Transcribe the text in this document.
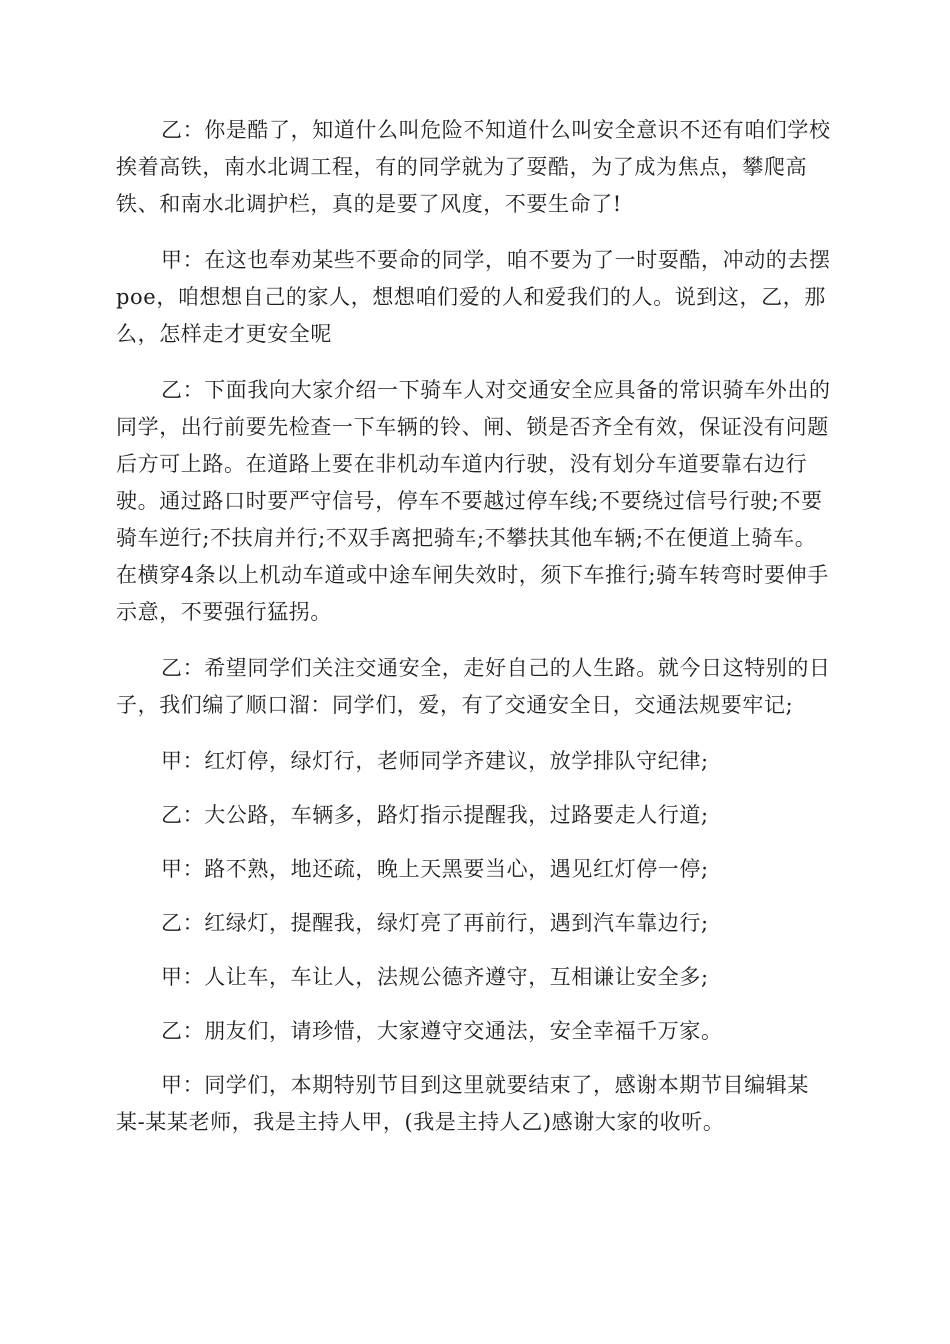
乙：你是酷了，知道什么叫危险不知道什么叫安全意识不还有咱们学校挨着高铁，南水北调工程，有的同学就为了耍酷，为了成为焦点，攀爬高铁、和南水北调护栏，真的是要了风度，不要生命了!

甲：在这也奉劝某些不要命的同学，咱不要为了一时耍酷，冲动的去摆poe，咱想想自己的家人，想想咱们爱的人和爱我们的人。说到这，乙，那么，怎样走才更安全呢

乙：下面我向大家介绍一下骑车人对交通安全应具备的常识骑车外出的同学，出行前要先检查一下车辆的铃、闸、锁是否齐全有效，保证没有问题后方可上路。在道路上要在非机动车道内行驶，没有划分车道要靠右边行驶。通过路口时要严守信号，停车不要越过停车线;不要绕过信号行驶;不要骑车逆行;不扶肩并行;不双手离把骑车;不攀扶其他车辆;不在便道上骑车。在横穿4条以上机动车道或中途车闸失效时，须下车推行;骑车转弯时要伸手示意，不要强行猛拐。

乙：希望同学们关注交通安全，走好自己的人生路。就今日这特别的日子，我们编了顺口溜：同学们，爱，有了交通安全日，交通法规要牢记;

甲：红灯停，绿灯行，老师同学齐建议，放学排队守纪律;

乙：大公路，车辆多，路灯指示提醒我，过路要走人行道;

甲：路不熟，地还疏，晚上天黑要当心，遇见红灯停一停;

乙：红绿灯，提醒我，绿灯亮了再前行，遇到汽车靠边行;

甲：人让车，车让人，法规公德齐遵守，互相谦让安全多;

乙：朋友们，请珍惜，大家遵守交通法，安全幸福千万家。

甲：同学们，本期特别节目到这里就要结束了，感谢本期节目编辑某某-某某老师，我是主持人甲，(我是主持人乙)感谢大家的收听。
